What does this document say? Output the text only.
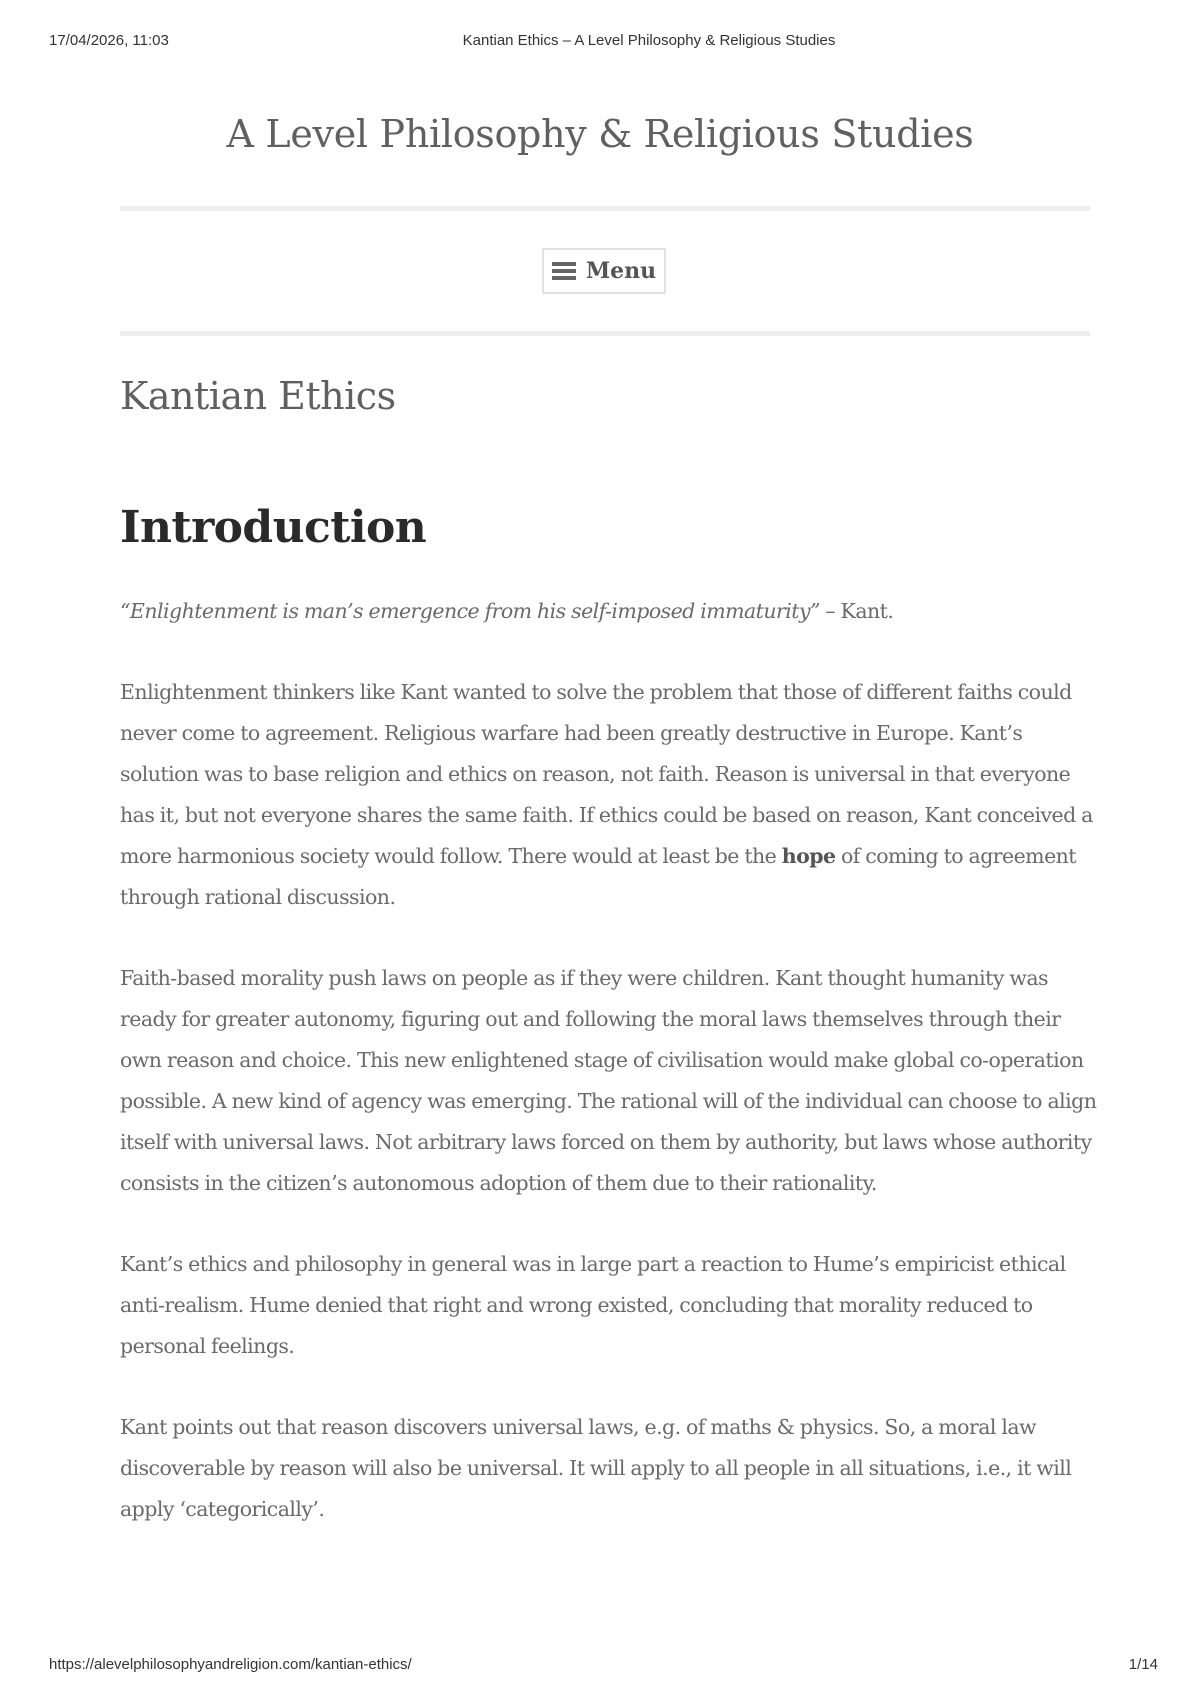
17/04/2026, 11:03	Kantian Ethics – A Level Philosophy & Religious Studies
A Level Philosophy & Religious Studies
Menu
Kantian Ethics
Introduction

“Enlightenment is man’s emergence from his self-imposed immaturity” – Kant.

Enlightenment thinkers like Kant wanted to solve the problem that those of different faiths could never come to agreement. Religious warfare had been greatly destructive in Europe. Kant’s solution was to base religion and ethics on reason, not faith. Reason is universal in that everyone has it, but not everyone shares the same faith. If ethics could be based on reason, Kant conceived a more harmonious society would follow. There would at least be the hope of coming to agreement through rational discussion.

Faith-based morality push laws on people as if they were children. Kant thought humanity was ready for greater autonomy, figuring out and following the moral laws themselves through their own reason and choice. This new enlightened stage of civilisation would make global co-operation possible. A new kind of agency was emerging. The rational will of the individual can choose to align itself with universal laws. Not arbitrary laws forced on them by authority, but laws whose authority consists in the citizen’s autonomous adoption of them due to their rationality.

Kant’s ethics and philosophy in general was in large part a reaction to Hume’s empiricist ethical anti-realism. Hume denied that right and wrong existed, concluding that morality reduced to personal feelings.

Kant points out that reason discovers universal laws, e.g. of maths & physics. So, a moral law discoverable by reason will also be universal. It will apply to all people in all situations, i.e., it will apply ‘categorically’.

https://alevelphilosophyandreligion.com/kantian-ethics/	1/14
